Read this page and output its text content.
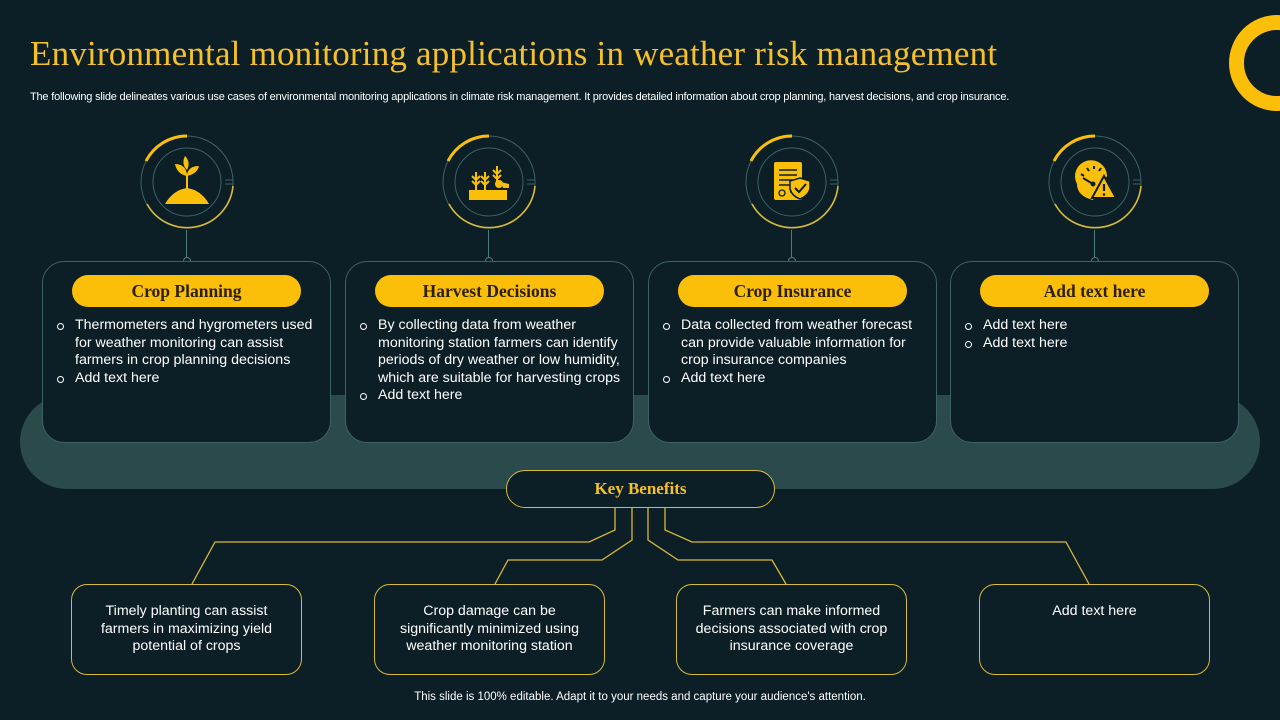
Environmental monitoring applications in weather risk management
The following slide delineates various use cases of environmental monitoring applications in climate risk management. It provides detailed information about crop planning, harvest decisions, and crop insurance.
Crop Planning
Thermometers and hygrometers used for weather monitoring can assist farmers in crop planning decisions
Add text here
Harvest Decisions
By collecting data from weather monitoring station farmers can identify periods of dry weather or low humidity, which are suitable for harvesting crops
Add text here
Crop Insurance
Data collected from weather forecast can provide valuable information for crop insurance companies
Add text here
Add text here
Add text here
Add text here
Key Benefits
Timely planting can assist farmers in maximizing yield potential of crops
Crop damage can be significantly minimized using weather monitoring station
Farmers can make informed decisions associated with crop insurance coverage
Add text here
This slide is 100% editable. Adapt it to your needs and capture your audience's attention.
